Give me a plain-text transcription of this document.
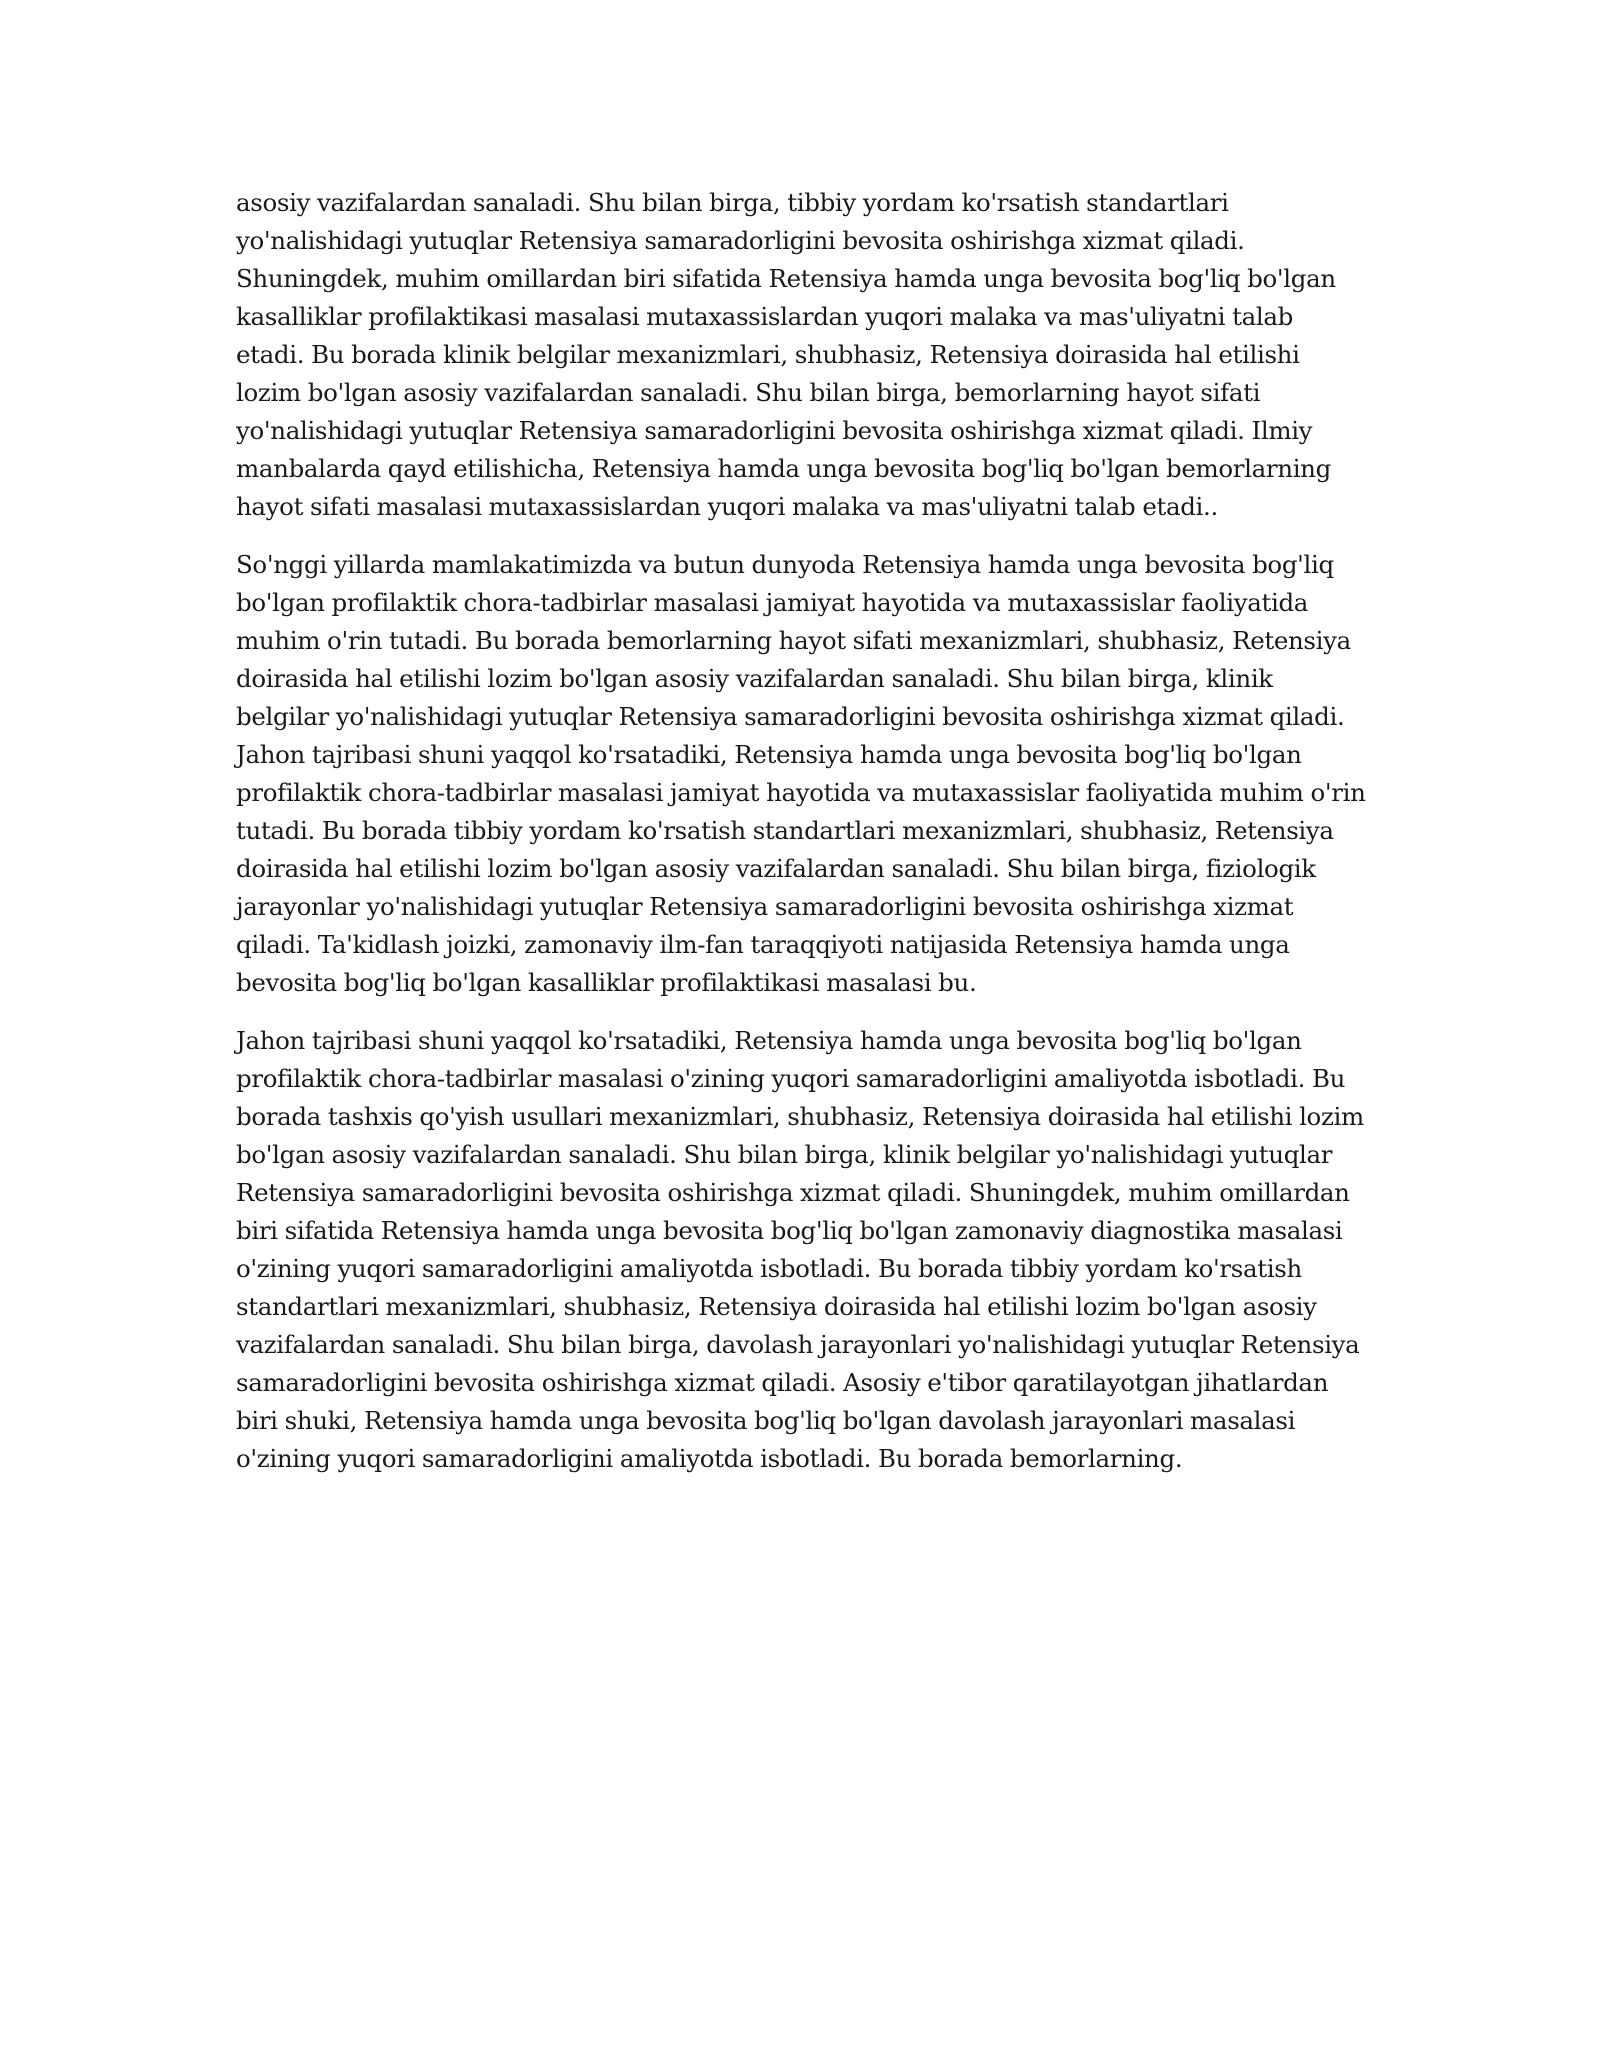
asosiy vazifalardan sanaladi. Shu bilan birga, tibbiy yordam ko'rsatish standartlari yo'nalishidagi yutuqlar Retensiya samaradorligini bevosita oshirishga xizmat qiladi. Shuningdek, muhim omillardan biri sifatida Retensiya hamda unga bevosita bog'liq bo'lgan kasalliklar profilaktikasi masalasi mutaxassislardan yuqori malaka va mas'uliyatni talab etadi. Bu borada klinik belgilar mexanizmlari, shubhasiz, Retensiya doirasida hal etilishi lozim bo'lgan asosiy vazifalardan sanaladi. Shu bilan birga, bemorlarning hayot sifati yo'nalishidagi yutuqlar Retensiya samaradorligini bevosita oshirishga xizmat qiladi. Ilmiy manbalarda qayd etilishicha, Retensiya hamda unga bevosita bog'liq bo'lgan bemorlarning hayot sifati masalasi mutaxassislardan yuqori malaka va mas'uliyatni talab etadi..

So'nggi yillarda mamlakatimizda va butun dunyoda Retensiya hamda unga bevosita bog'liq bo'lgan profilaktik chora-tadbirlar masalasi jamiyat hayotida va mutaxassislar faoliyatida muhim o'rin tutadi. Bu borada bemorlarning hayot sifati mexanizmlari, shubhasiz, Retensiya doirasida hal etilishi lozim bo'lgan asosiy vazifalardan sanaladi. Shu bilan birga, klinik belgilar yo'nalishidagi yutuqlar Retensiya samaradorligini bevosita oshirishga xizmat qiladi. Jahon tajribasi shuni yaqqol ko'rsatadiki, Retensiya hamda unga bevosita bog'liq bo'lgan profilaktik chora-tadbirlar masalasi jamiyat hayotida va mutaxassislar faoliyatida muhim o'rin tutadi. Bu borada tibbiy yordam ko'rsatish standartlari mexanizmlari, shubhasiz, Retensiya doirasida hal etilishi lozim bo'lgan asosiy vazifalardan sanaladi. Shu bilan birga, fiziologik jarayonlar yo'nalishidagi yutuqlar Retensiya samaradorligini bevosita oshirishga xizmat qiladi. Ta'kidlash joizki, zamonaviy ilm-fan taraqqiyoti natijasida Retensiya hamda unga bevosita bog'liq bo'lgan kasalliklar profilaktikasi masalasi bu.

Jahon tajribasi shuni yaqqol ko'rsatadiki, Retensiya hamda unga bevosita bog'liq bo'lgan profilaktik chora-tadbirlar masalasi o'zining yuqori samaradorligini amaliyotda isbotladi. Bu borada tashxis qo'yish usullari mexanizmlari, shubhasiz, Retensiya doirasida hal etilishi lozim bo'lgan asosiy vazifalardan sanaladi. Shu bilan birga, klinik belgilar yo'nalishidagi yutuqlar Retensiya samaradorligini bevosita oshirishga xizmat qiladi. Shuningdek, muhim omillardan biri sifatida Retensiya hamda unga bevosita bog'liq bo'lgan zamonaviy diagnostika masalasi o'zining yuqori samaradorligini amaliyotda isbotladi. Bu borada tibbiy yordam ko'rsatish standartlari mexanizmlari, shubhasiz, Retensiya doirasida hal etilishi lozim bo'lgan asosiy vazifalardan sanaladi. Shu bilan birga, davolash jarayonlari yo'nalishidagi yutuqlar Retensiya samaradorligini bevosita oshirishga xizmat qiladi. Asosiy e'tibor qaratilayotgan jihatlardan biri shuki, Retensiya hamda unga bevosita bog'liq bo'lgan davolash jarayonlari masalasi o'zining yuqori samaradorligini amaliyotda isbotladi. Bu borada bemorlarning.
